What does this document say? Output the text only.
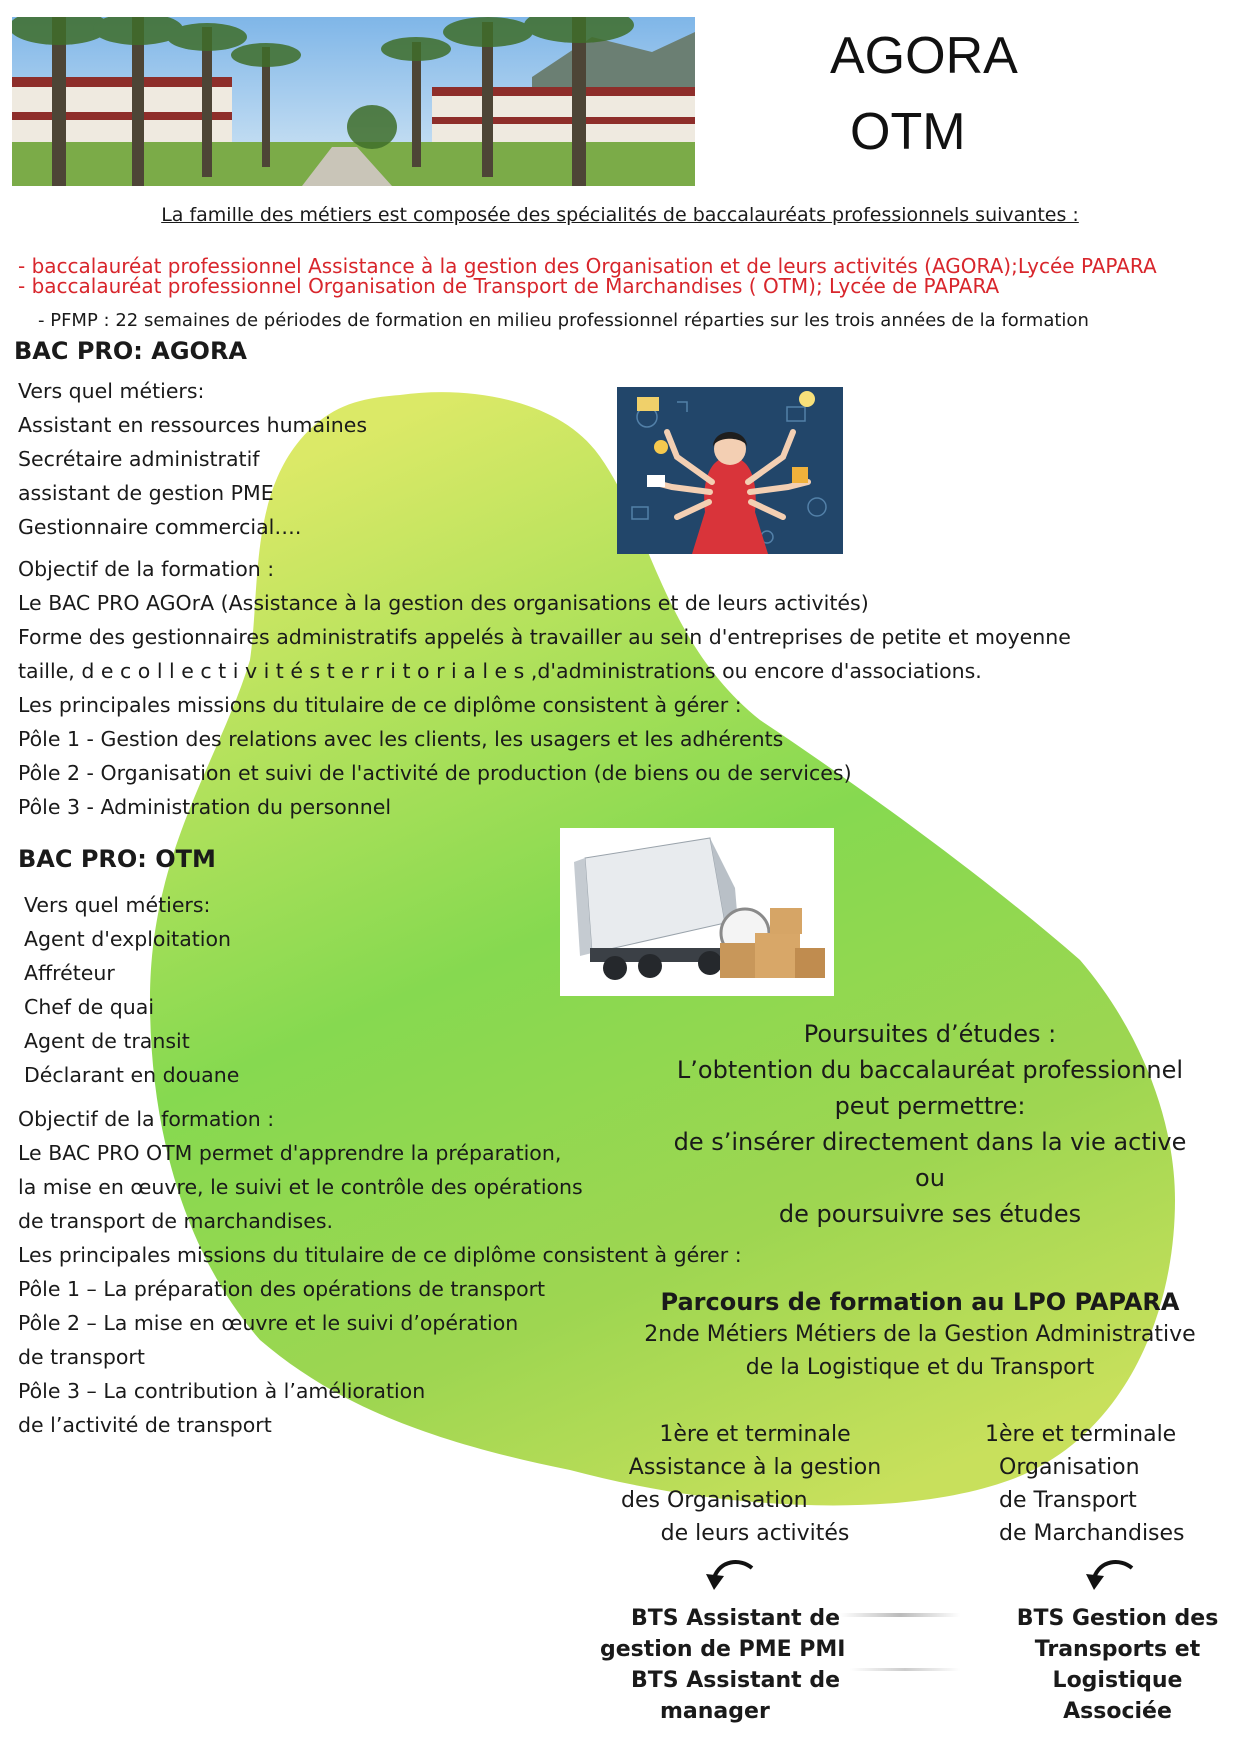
AGORA
OTM
La famille des métiers est composée des spécialités de baccalauréats professionnels suivantes :
- baccalauréat professionnel Assistance à la gestion des Organisation et de leurs activités (AGORA);Lycée PAPARA
- baccalauréat professionnel Organisation de Transport de Marchandises ( OTM); Lycée de PAPARA
- PFMP : 22 semaines de périodes de formation en milieu professionnel réparties sur les trois années de la formation
BAC PRO: AGORA
Vers quel métiers:
Assistant en ressources humaines
Secrétaire administratif
assistant de gestion PME
Gestionnaire commercial….
Objectif de la formation :
Le BAC PRO AGOrA (Assistance à la gestion des organisations et de leurs activités)
Forme des gestionnaires administratifs appelés à travailler au sein d'entreprises de petite et moyenne
taille, d e c o l l e c t i v i t é s t e r r i t o r i a l e s ,d'administrations ou encore d'associations.
Les principales missions du titulaire de ce diplôme consistent à gérer :
Pôle 1 - Gestion des relations avec les clients, les usagers et les adhérents
Pôle 2 - Organisation et suivi de l'activité de production (de biens ou de services)
Pôle 3 - Administration du personnel
BAC PRO: OTM
Vers quel métiers:
Agent d'exploitation
Affréteur
Chef de quai
Agent de transit
Déclarant en douane
Objectif de la formation :
Le BAC PRO OTM permet d'apprendre la préparation,
la mise en œuvre, le suivi et le contrôle des opérations
de transport de marchandises.
Les principales missions du titulaire de ce diplôme consistent à gérer :
Pôle 1 – La préparation des opérations de transport
Pôle 2 – La mise en œuvre et le suivi d’opération
de transport
Pôle 3 – La contribution à l’amélioration
de l’activité de transport
Poursuites d’études :
L’obtention du baccalauréat professionnel
peut permettre:
de s’insérer directement dans la vie active
ou
de poursuivre ses études
Parcours de formation au LPO PAPARA
2nde Métiers Métiers de la Gestion Administrative
de la Logistique et du Transport
1ère et terminale
Assistance à la gestion
des Organisation
de leurs activités
1ère et terminale
Organisation
de Transport
de Marchandises
BTS Assistant de
gestion de PME PMI
BTS Assistant de
manager
BTS Gestion des
Transports et
Logistique
Associée
